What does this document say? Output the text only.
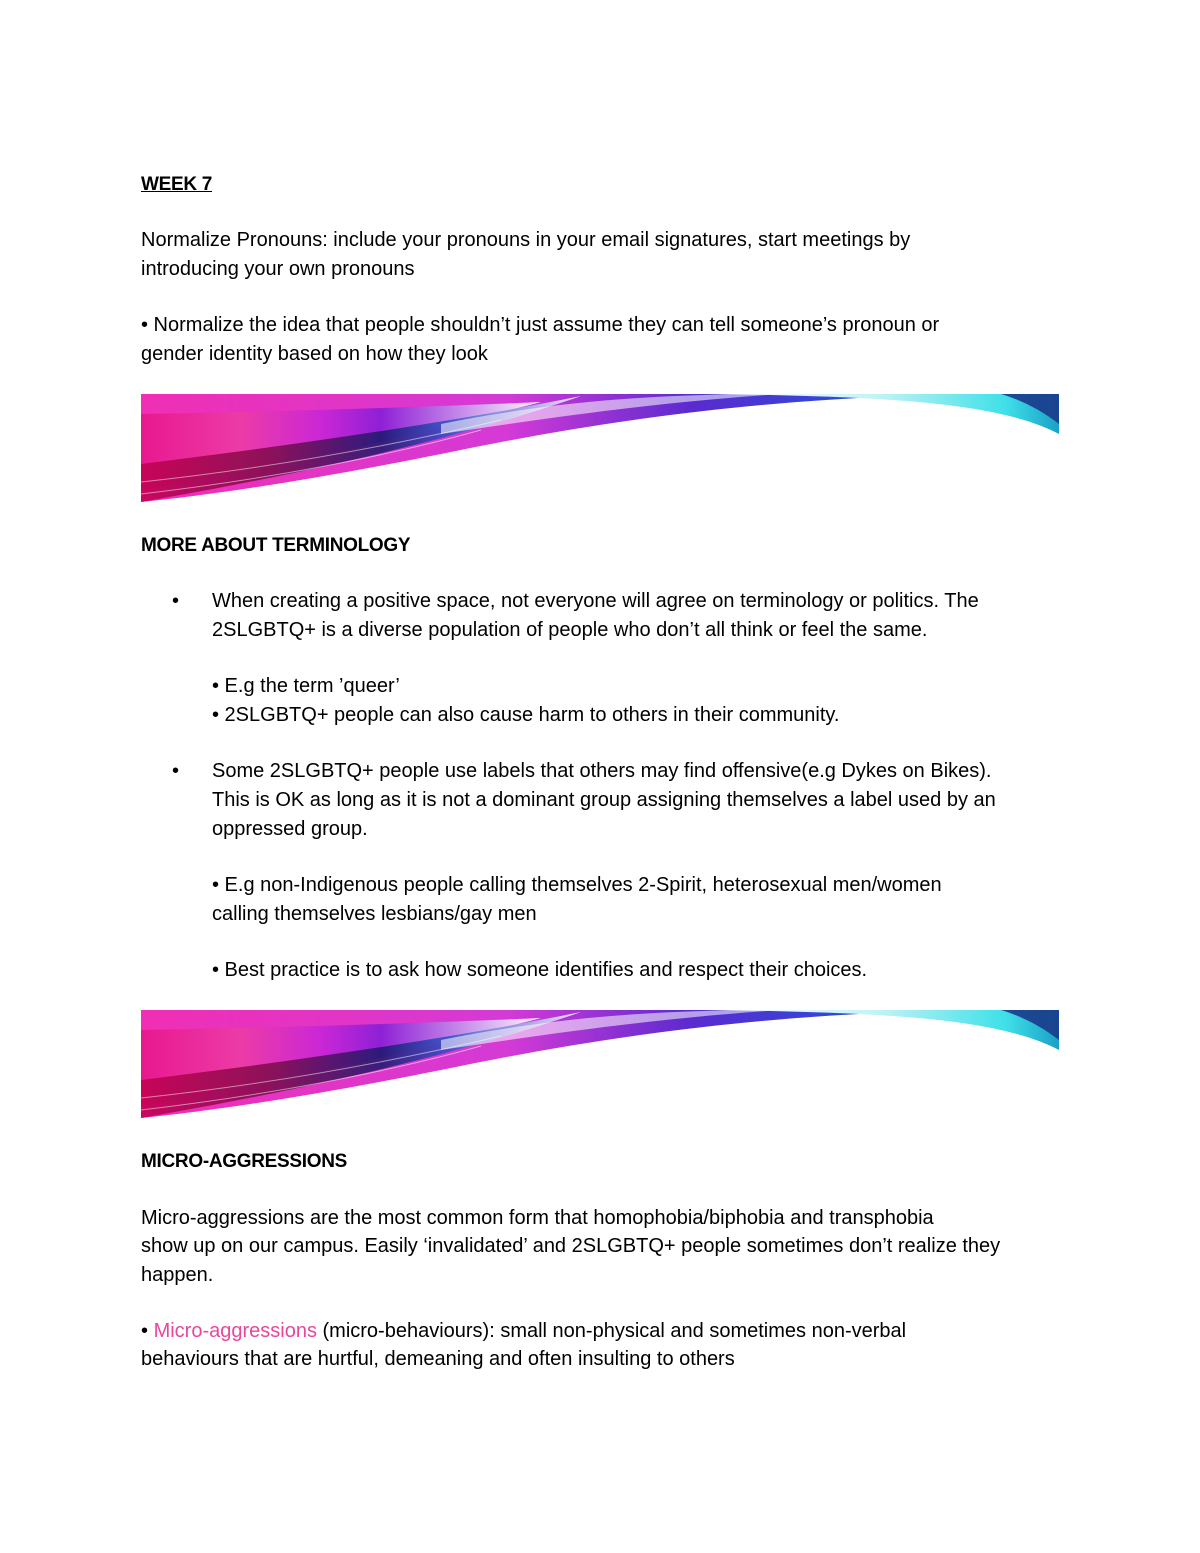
WEEK 7

Normalize Pronouns: include your pronouns in your email signatures, start meetings by

introducing your own pronouns

• Normalize the idea that people shouldn’t just assume they can tell someone’s pronoun or

gender identity based on how they look

MORE ABOUT TERMINOLOGY

• When creating a positive space, not everyone will agree on terminology or politics. The

2SLGBTQ+ is a diverse population of people who don’t all think or feel the same.

• E.g the term ’queer’

• 2SLGBTQ+ people can also cause harm to others in their community.

• Some 2SLGBTQ+ people use labels that others may find offensive(e.g Dykes on Bikes).

This is OK as long as it is not a dominant group assigning themselves a label used by an

oppressed group.

• E.g non-Indigenous people calling themselves 2-Spirit, heterosexual men/women

calling themselves lesbians/gay men

• Best practice is to ask how someone identifies and respect their choices.

MICRO-AGGRESSIONS

Micro-aggressions are the most common form that homophobia/biphobia and transphobia

show up on our campus. Easily ‘invalidated’ and 2SLGBTQ+ people sometimes don’t realize they

happen.

• Micro-aggressions (micro-behaviours): small non-physical and sometimes non-verbal

behaviours that are hurtful, demeaning and often insulting to others
